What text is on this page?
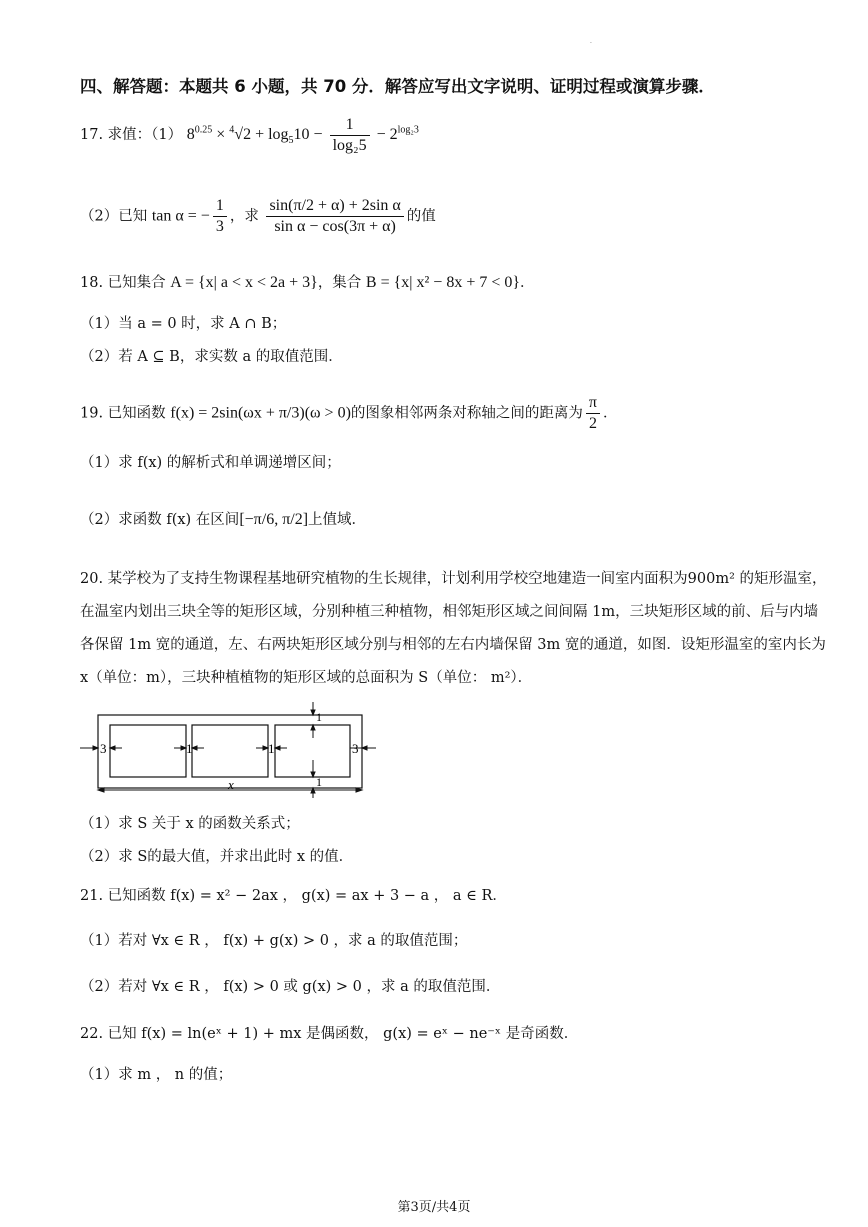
·
四、解答题：本题共 6 小题，共 70 分．解答应写出文字说明、证明过程或演算步骤．
17. 求值：（1） $8^{0.25} \times ^4√2 + \log_510 - \frac{1}{\text{log₂5}} - 2^{log_23}$
（2）已知 tan α = − $\frac{1}{3}$ ，求 $\frac{\text{sin(π/2 + α) + 2sin α}}{\text{sin α − cos(3π + α)}}$ 的值
18. 已知集合 A = {x| a < x < 2a + 3}，集合 B = {x| x² − 8x + 7 < 0}．
（1）当 a = 0 时，求 A ∩ B；
（2）若 A ⊆ B，求实数 a 的取值范围．
19. 已知函数 f(x) = 2sin(ωx + π/3)(ω > 0)的图象相邻两条对称轴之间的距离为 $\frac{\pi}{2}$ ．
（1）求 f(x) 的解析式和单调递增区间；
（2）求函数 f(x) 在区间[−π/6, π/2]上值域．
20. 某学校为了支持生物课程基地研究植物的生长规律，计划利用学校空地建造一间室内面积为900m² 的矩形温室，在温室内划出三块全等的矩形区域，分别种植三种植物，相邻矩形区域之间间隔 1m，三块矩形区域的前、后与内墙各保留 1m 宽的通道，左、右两块矩形区域分别与相邻的左右内墙保留 3m 宽的通道，如图．设矩形温室的室内长为 x（单位：m），三块种植植物的矩形区域的总面积为 S（单位： m²）．
3	1	1	3
1
1
x
（1）求 S 关于 x 的函数关系式；
（2）求 S的最大值，并求出此时 x 的值．
21. 已知函数 f(x) = x² − 2ax ， g(x) = ax + 3 − a ， a ∈ R．
（1）若对 ∀x ∈ R ， f(x) + g(x) > 0 ，求 a 的取值范围；
（2）若对 ∀x ∈ R ， f(x) > 0 或 g(x) > 0 ，求 a 的取值范围．
22. 已知 f(x) = ln(eˣ + 1) + mx 是偶函数， g(x) = eˣ − ne⁻ˣ 是奇函数．
（1）求 m ， n 的值；
第3页/共4页
